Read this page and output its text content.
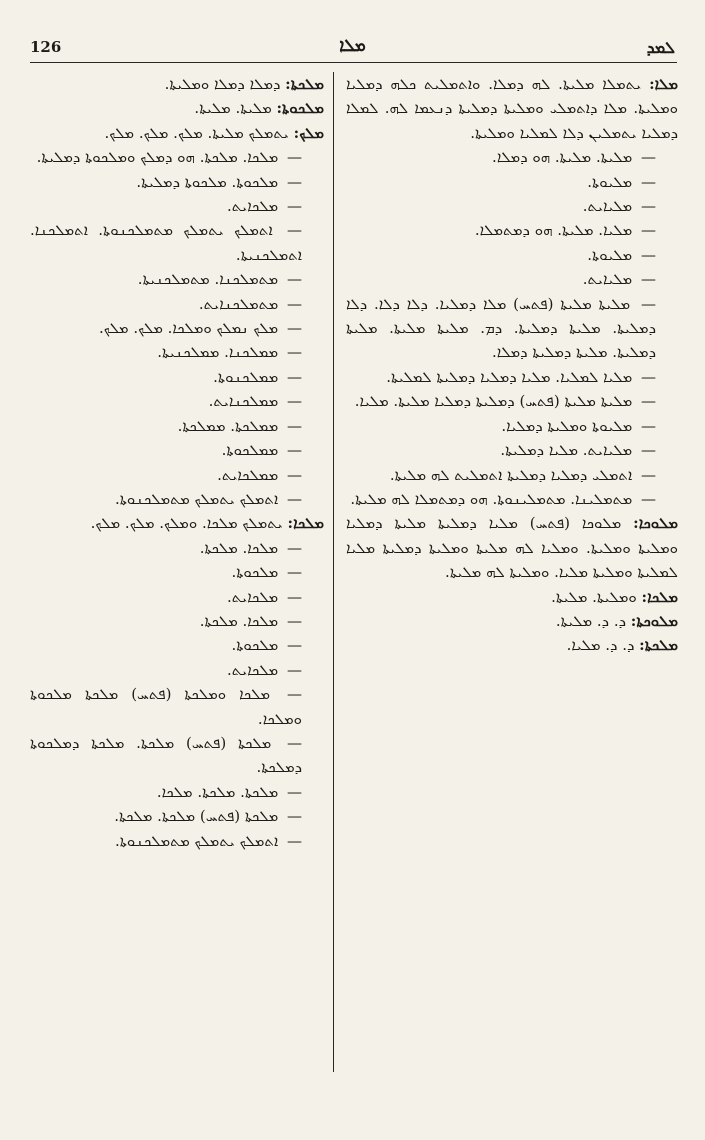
126	ܡܠܐ	ܠܡܕ

ܡܠܐ: ܝܬܡܠܐ ܡܠܝܬܐ. ܠܗ ܕܡܠܐ. ܘܐܬܡܠܝܬ ܟܠܗ ܕܡܠܝܐ ܘܡܠܝܬܐ. ܡܠܐ ܕܐܬܡܠܝ ܘܡܠܝܬܐ ܕܡܠܝܬܐ ܕܢܥܡܐ ܠܗ. ܠܡܠܐ ܕܡܠܝܐ ܝܬܡܠܝܢ ܕܠܐ ܠܡܠܝܐ ܘܡܠܝܬܐ.

— ܡܠܝܬܐ. ܡܠܝܬܐ. ܗܘ ܕܡܠܐ.

— ܡܠܝܘܬܐ.

— ܡܠܝܐܝܬ.

— ܡܠܝܐ. ܡܠܝܬܐ. ܗܘ ܕܡܬܡܠܐ.

— ܡܠܝܘܬܐ.

— ܡܠܝܐܝܬ.

— ܡܠܝܬܐ ܡܠܝܬܐ (ܦܬܚ) ܡܠܐ ܕܡܠܝܐ. ܕܠܐ ܕܠܐ. ܕܠܐ ܕܡܠܝܬܐ. ܡܠܝܬܐ ܕܡܠܝܬܐ. ܕܡ. ܡܠܝܬܐ ܡܠܝܬܐ. ܡܠܝܬܐ ܕܡܠܝܬܐ. ܡܠܝܬܐ ܕܡܠܝܬܐ ܕܡܠܐ.

— ܡܠܝܐ ܠܡܠܝܐ. ܡܠܝܐ ܕܡܠܝܐ ܕܡܠܝܬܐ ܠܡܠܝܬܐ.

— ܡܠܝܬܐ ܡܠܝܬܐ (ܦܬܚ) ܕܡܠܝܬܐ ܕܡܠܝܐ ܡܠܝܬܐ. ܡܠܝܐ.

— ܡܠܝܘܬܐ ܘܡܠܝܬܐ ܕܡܠܝܐ.

— ܡܠܝܐܝܬ. ܡܠܝܐ ܕܡܠܝܬܐ.

— ܐܬܡܠܝ ܕܡܠܝܐ ܕܡܠܝܬܐ ܐܬܡܠܝܬ ܠܗ ܡܠܝܬܐ.

— ܡܬܡܠܝܢܐ. ܡܬܡܠܝܢܘܬܐ. ܗܘ ܕܡܬܡܠܐ ܠܗ ܡܠܝܬܐ.

ܡܠܘܟܐ: ܡܠܘܟܐ (ܦܬܚ) ܡܠܝܐ ܕܡܠܝܬܐ ܡܠܝܬܐ ܕܡܠܝܐ ܘܡܠܝܬܐ ܘܡܠܝܬܐ. ܘܡܠܝܐ ܠܗ ܡܠܝܬܐ ܘܡܠܝܬܐ ܕܡܠܝܬܐ ܡܠܝܐ ܠܡܠܝܬܐ ܘܡܠܝܬܐ ܡܠܝܐ. ܘܡܠܝܬܐ ܠܗ ܡܠܝܬܐ.

ܡܠܟܐ: ܘܡܠܝܬܐ. ܡܠܝܬܐ.

ܡܠܘܟܬܐ: ܕ. ܕ. ܡܠܝܬܐ.

ܡܠܟܬܐ: ܕ. ܕ. ܡܠܝܐ.

ܡܠܟܬܐ: ܕܡܠܐ ܕܡܠܐ ܘܡܠܝܬܐ.

ܡܠܟܘܬܐ: ܡܠܝܬܐ. ܡܠܝܬܐ.

ܡܠܟ: ܝܬܡܠܟ ܡܠܝܬܐ. ܡܠܟ. ܡܠܟ. ܡܠܟ.

— ܡܠܟܐ. ܡܠܟܬܐ. ܗܘ ܕܡܠܟ ܘܡܠܟܘܬܐ ܕܡܠܝܬܐ.

— ܡܠܟܘܬܐ. ܡܠܟܘܬܐ ܕܡܠܝܬܐ.

— ܡܠܟܐܝܬ.

— ܐܬܡܠܟ ܝܬܡܠܟ ܡܬܡܠܟܢܘܬܐ. ܐܬܡܠܟܢܐ. ܐܬܡܠܟܢܝܬܐ.

— ܡܬܡܠܟܢܐ. ܡܬܡܠܟܢܝܬܐ.

— ܡܬܡܠܟܢܐܝܬ.

— ܡܠܟ ܢܡܠܟ ܘܡܠܟܐ. ܡܠܟ. ܡܠܟ.

— ܡܡܠܟܢܐ. ܡܡܠܟܢܝܬܐ.

— ܡܡܠܟܢܘܬܐ.

— ܡܡܠܟܢܐܝܬ.

— ܡܡܠܟܬܐ. ܡܡܠܟܬܐ.

— ܡܡܠܟܘܬܐ.

— ܡܡܠܟܐܝܬ.

— ܐܬܡܠܟ ܝܬܡܠܟ ܡܬܡܠܟܢܘܬܐ.

ܡܠܟܐ: ܝܬܡܠܟ ܡܠܟܐ. ܘܡܠܟ. ܡܠܟ. ܡܠܟ.

— ܡܠܟܐ. ܡܠܟܬܐ.

— ܡܠܟܘܬܐ.

— ܡܠܟܐܝܬ.

— ܡܠܟܐ. ܡܠܟܬܐ.

— ܡܠܟܘܬܐ.

— ܡܠܟܐܝܬ.

— ܡܠܟܐ ܘܡܠܟܬܐ (ܦܬܚ) ܡܠܟܬܐ ܡܠܟܘܬܐ ܘܡܠܟܐ.

— ܡܠܟܬܐ (ܦܬܚ) ܡܠܟܬܐ. ܡܠܟܬܐ ܕܡܠܟܘܬܐ ܕܡܠܟܬܐ.

— ܡܠܟܬܐ. ܡܠܟܬܐ. ܡܠܟܐ.

— ܡܠܟܬܐ (ܦܬܚ) ܡܠܟܬܐ. ܡܠܟܬܐ.

— ܐܬܡܠܟ ܝܬܡܠܟ ܡܬܡܠܟܢܘܬܐ.
